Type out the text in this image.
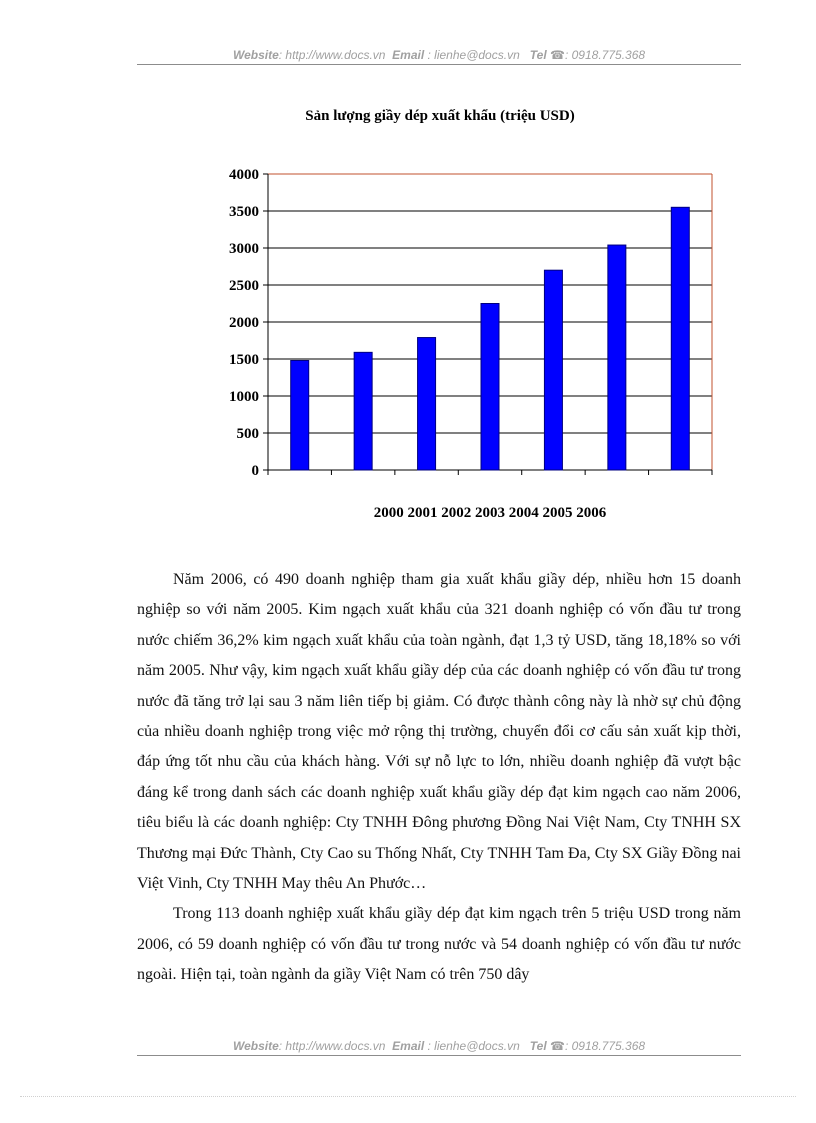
Website: http://www.docs.vn Email : lienhe@docs.vn Tel ☎: 0918.775.368
Sản lượng giầy dép xuất khẩu (triệu USD)
0
500
1000
1500
2000
2500
3000
3500
4000
2000 2001 2002 2003 2004 2005 2006

Năm 2006, có 490 doanh nghiệp tham gia xuất khẩu giầy dép, nhiều hơn 15 doanh nghiệp so với năm 2005. Kim ngạch xuất khẩu của 321 doanh nghiệp có vốn đầu tư trong nước chiếm 36,2% kim ngạch xuất khẩu của toàn ngành, đạt 1,3 tỷ USD, tăng 18,18% so với năm 2005. Như vậy, kim ngạch xuất khẩu giầy dép của các doanh nghiệp có vốn đầu tư trong nước đã tăng trở lại sau 3 năm liên tiếp bị giảm. Có được thành công này là nhờ sự chủ động của nhiều doanh nghiệp trong việc mở rộng thị trường, chuyển đổi cơ cấu sản xuất kịp thời, đáp ứng tốt nhu cầu của khách hàng. Với sự nỗ lực to lớn, nhiều doanh nghiệp đã vượt bậc đáng kể trong danh sách các doanh nghiệp xuất khẩu giầy dép đạt kim ngạch cao năm 2006, tiêu biểu là các doanh nghiệp: Cty TNHH Đông phương Đồng Nai Việt Nam, Cty TNHH SX Thương mại Đức Thành, Cty Cao su Thống Nhất, Cty TNHH Tam Đa, Cty SX Giầy Đồng nai Việt Vinh, Cty TNHH May thêu An Phước…

Trong 113 doanh nghiệp xuất khẩu giầy dép đạt kim ngạch trên 5 triệu USD trong năm 2006, có 59 doanh nghiệp có vốn đầu tư trong nước và 54 doanh nghiệp có vốn đầu tư nước ngoài. Hiện tại, toàn ngành da giầy Việt Nam có trên 750 dây

Website: http://www.docs.vn Email : lienhe@docs.vn Tel ☎: 0918.775.368
